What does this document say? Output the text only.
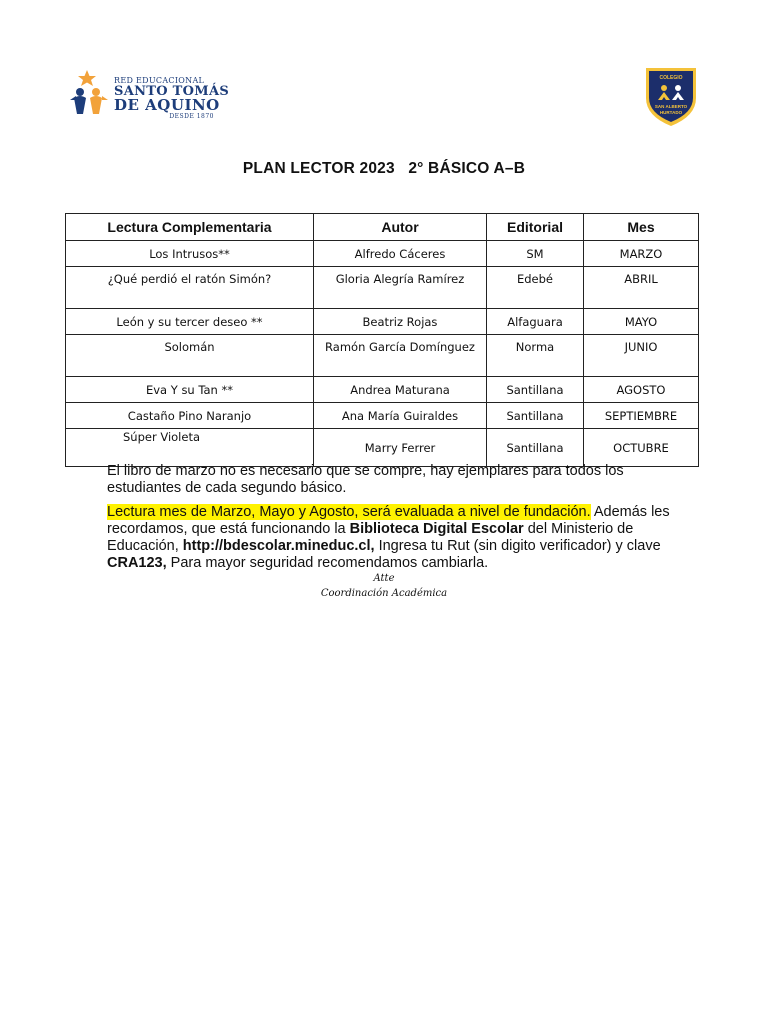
RED EDUCACIONAL
SANTO TOMÁS
DE AQUINO
DESDE 1870
COLEGIO
SAN ALBERTO
HURTADO
PLAN LECTOR 2023   2° BÁSICO A–B
Lectura Complementaria	Autor	Editorial	Mes
Los Intrusos**	Alfredo Cáceres	SM	MARZO
¿Qué perdió el ratón Simón?	Gloria Alegría Ramírez	Edebé	ABRIL
León y su tercer deseo **	Beatriz Rojas	Alfaguara	MAYO
Solomán	Ramón García Domínguez	Norma	JUNIO
Eva Y su Tan **	Andrea Maturana	Santillana	AGOSTO
Castaño Pino Naranjo	Ana María Guiraldes	Santillana	SEPTIEMBRE
Súper Violeta	Marry Ferrer	Santillana	OCTUBRE
El libro de marzo no es necesario que se compre, hay ejemplares para todos los estudiantes de cada segundo básico.
Lectura mes de Marzo, Mayo y Agosto, será evaluada a nivel de fundación. Además les recordamos, que está funcionando la Biblioteca Digital Escolar del Ministerio de Educación, http://bdescolar.mineduc.cl, Ingresa tu Rut (sin digito verificador) y clave CRA123, Para mayor seguridad recomendamos cambiarla.
Atte
Coordinación Académica
